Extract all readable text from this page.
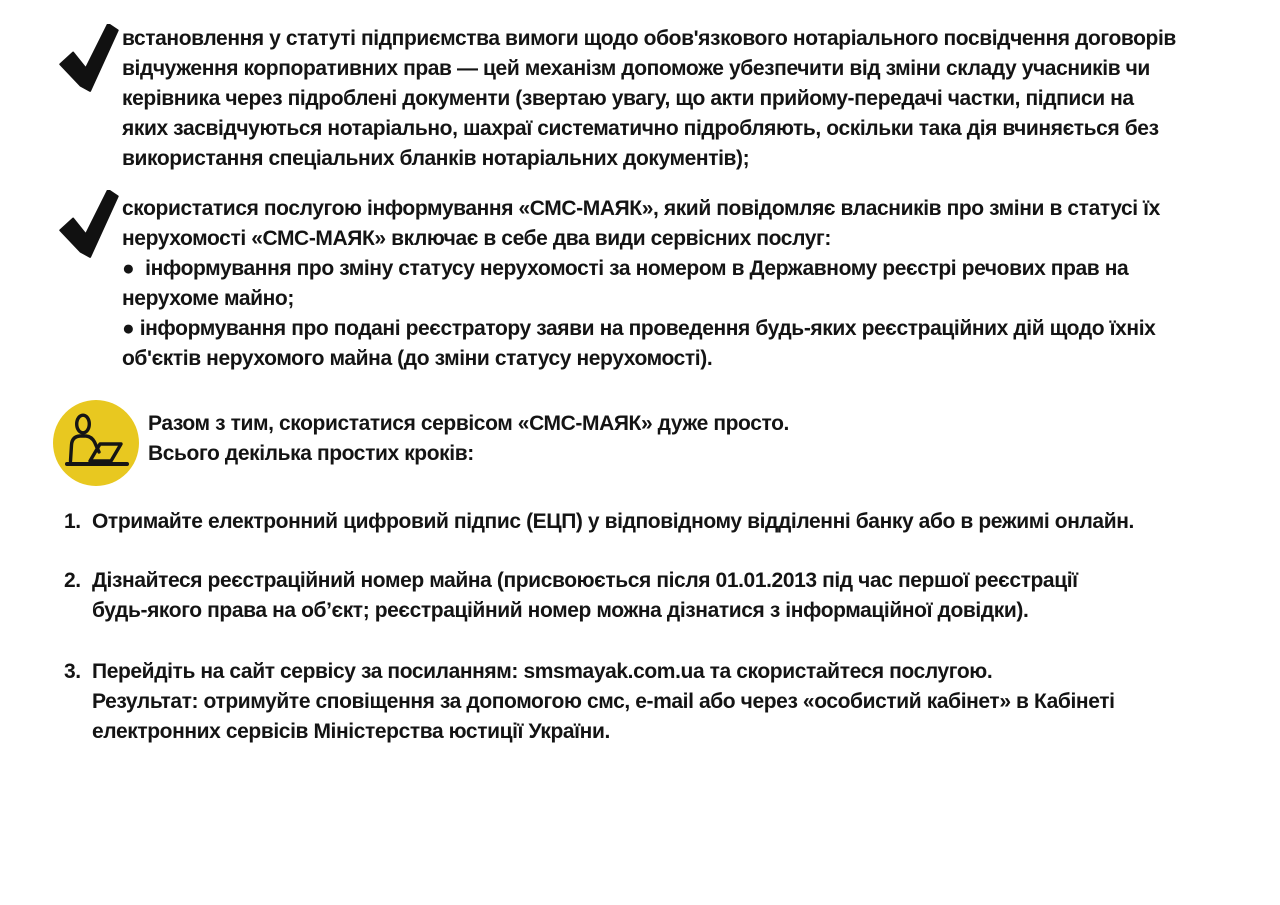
встановлення у статуті підприємства вимоги щодо обов'язкового нотаріального посвідчення договорів
відчуження корпоративних прав — цей механізм допоможе убезпечити від зміни складу учасників чи
керівника через підроблені документи (звертаю увагу, що акти прийому-передачі частки, підписи на
яких засвідчуються нотаріально, шахраї систематично підробляють, оскільки така дія вчиняється без
використання спеціальних бланків нотаріальних документів);
скористатися послугою інформування «СМС-МАЯК», який повідомляє власників про зміни в статусі їх
нерухомості «СМС-МАЯК» включає в себе два види сервісних послуг:
●  інформування про зміну статусу нерухомості за номером в Державному реєстрі речових прав на
нерухоме майно;
● інформування про подані реєстратору заяви на проведення будь-яких реєстраційних дій щодо їхніх
об'єктів нерухомого майна (до зміни статусу нерухомості).
Разом з тим, скористатися сервісом «СМС-МАЯК» дуже просто.
Всього декілька простих кроків:
1. Отримайте електронний цифровий підпис (ЕЦП) у відповідному відділенні банку або в режимі онлайн.
2. Дізнайтеся реєстраційний номер майна (присвоюється після 01.01.2013 під час першої реєстрації
будь-якого права на об’єкт; реєстраційний номер можна дізнатися з інформаційної довідки).
3. Перейдіть на сайт сервісу за посиланням: smsmayak.com.ua та скористайтеся послугою.
Результат: отримуйте сповіщення за допомогою смс, e-mail або через «особистий кабінет» в Кабінеті
електронних сервісів Міністерства юстиції України.
